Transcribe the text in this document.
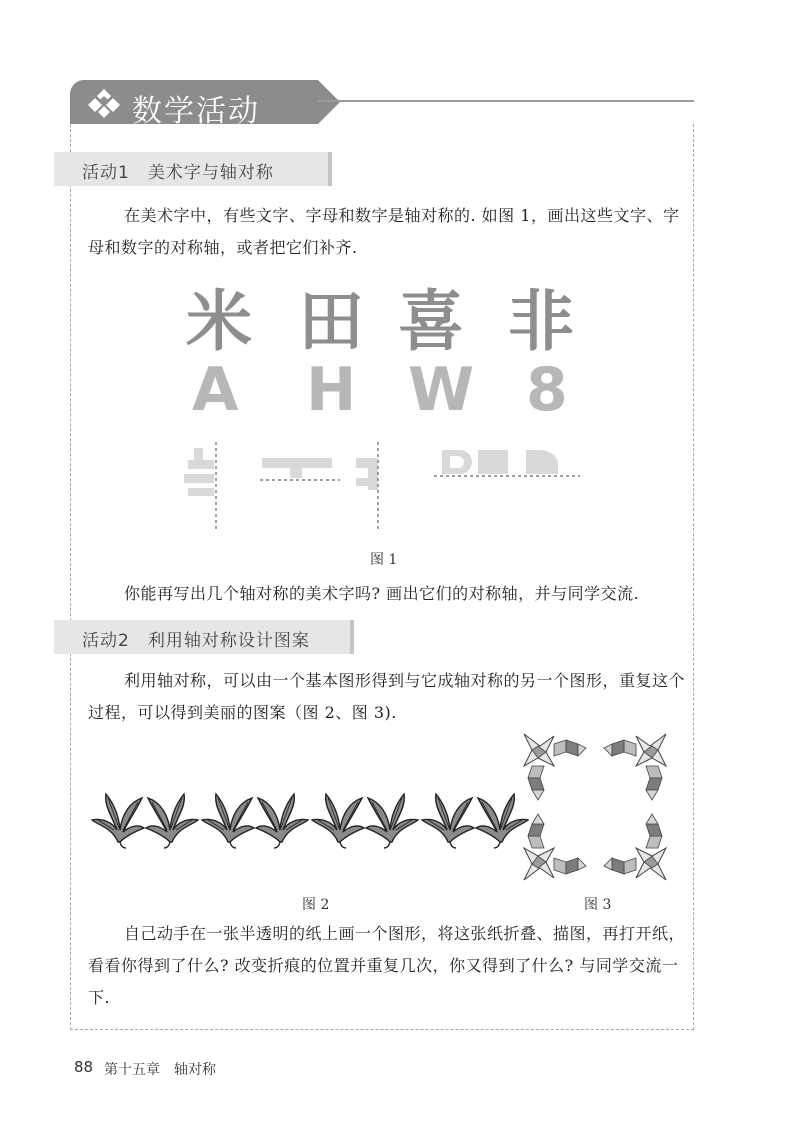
数学活动
活动1　美术字与轴对称
在美术字中，有些文字、字母和数字是轴对称的. 如图 1，画出这些文字、字母和数字的对称轴，或者把它们补齐.
米 田 喜 非
A H W 8
图 1
你能再写出几个轴对称的美术字吗? 画出它们的对称轴，并与同学交流.
活动2　利用轴对称设计图案
利用轴对称，可以由一个基本图形得到与它成轴对称的另一个图形，重复这个过程，可以得到美丽的图案（图 2、图 3).
图 2	图 3
自己动手在一张半透明的纸上画一个图形，将这张纸折叠、描图，再打开纸，看看你得到了什么? 改变折痕的位置并重复几次，你又得到了什么? 与同学交流一下.
88 第十五章　轴对称
